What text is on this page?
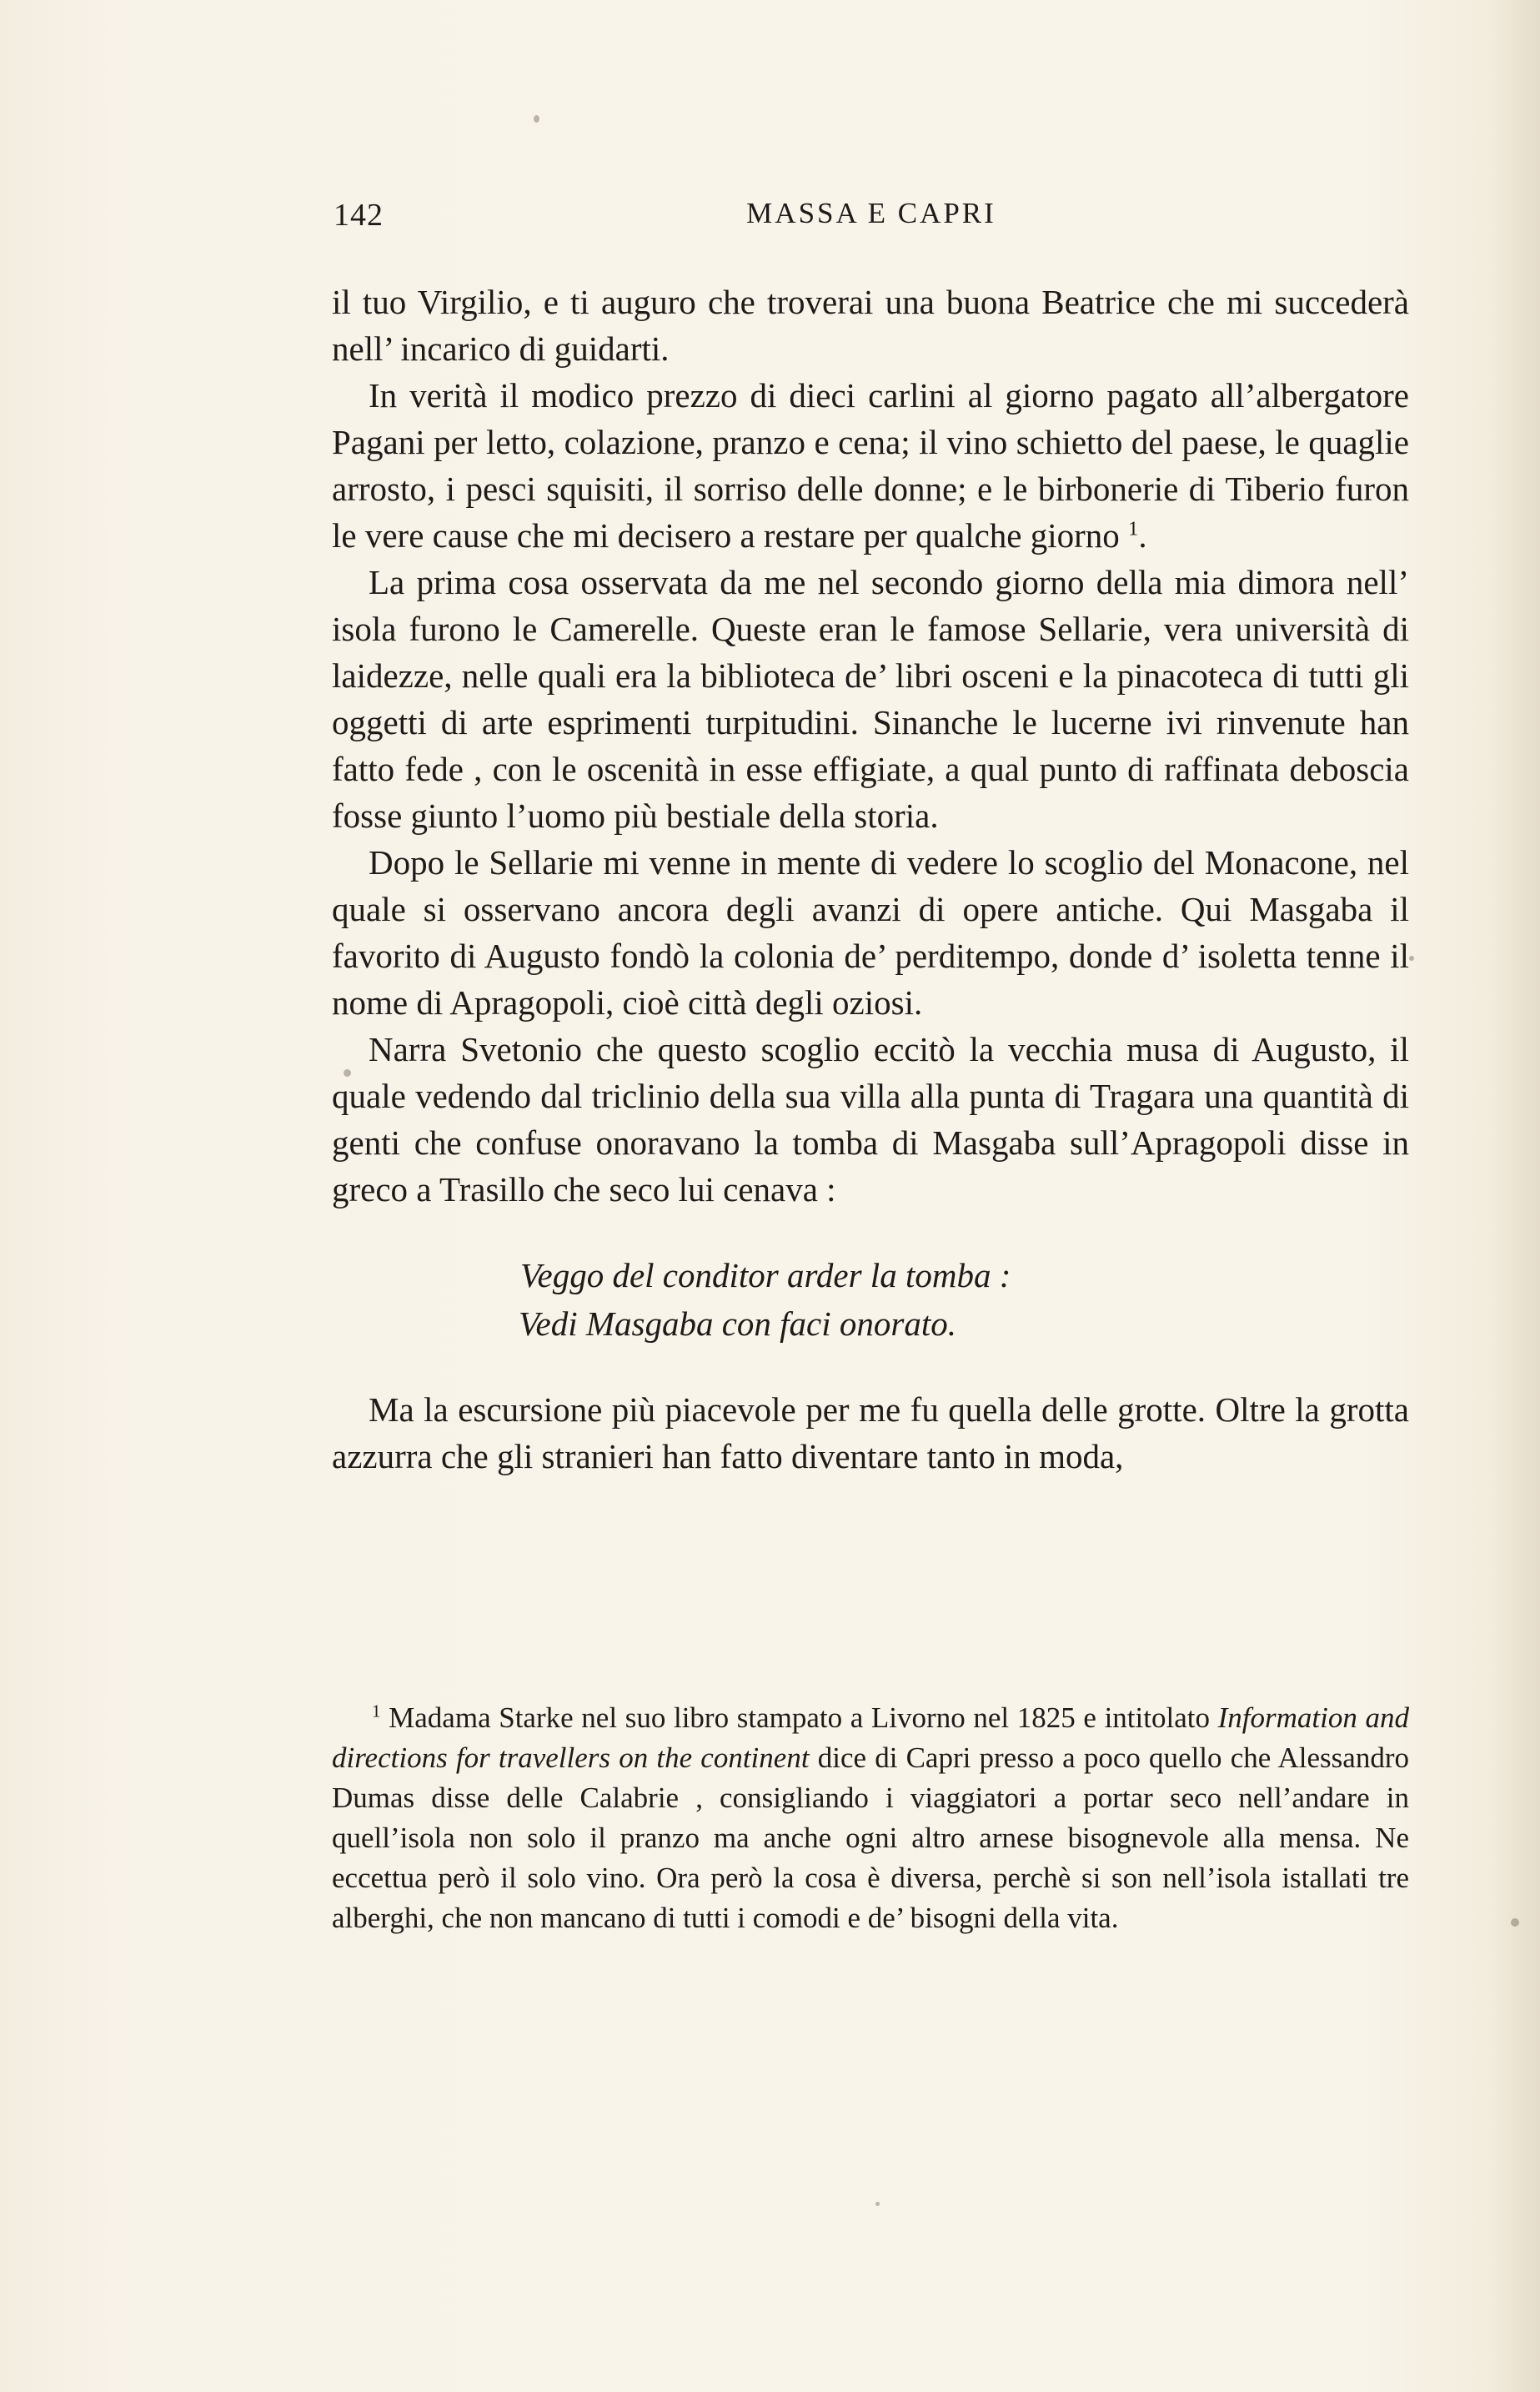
142	MASSA E CAPRI

il tuo Virgilio, e ti auguro che troverai una buona Beatrice che mi succederà nell’ incarico di guidarti.

In verità il modico prezzo di dieci carlini al giorno pagato all’albergatore Pagani per letto, colazione, pranzo e cena; il vino schietto del paese, le quaglie arrosto, i pesci squisiti, il sorriso delle donne; e le birbonerie di Tiberio furon le vere cause che mi decisero a restare per qualche giorno $^1$.

La prima cosa osservata da me nel secondo giorno della mia dimora nell’ isola furono le Camerelle. Queste eran le famose Sellarie, vera università di laidezze, nelle quali era la biblioteca de’ libri osceni e la pinacoteca di tutti gli oggetti di arte esprimenti turpitudini. Sinanche le lucerne ivi rinvenute han fatto fede , con le oscenità in esse effigiate, a qual punto di raffinata deboscia fosse giunto l’uomo più bestiale della storia.

Dopo le Sellarie mi venne in mente di vedere lo scoglio del Monacone, nel quale si osservano ancora degli avanzi di opere antiche. Qui Masgaba il favorito di Augusto fondò la colonia de’ perditempo, donde d’ isoletta tenne il nome di Apragopoli, cioè città degli oziosi.

Narra Svetonio che questo scoglio eccitò la vecchia musa di Augusto, il quale vedendo dal triclinio della sua villa alla punta di Tragara una quantità di genti che confuse onoravano la tomba di Masgaba sull’Apragopoli disse in greco a Trasillo che seco lui cenava :

Veggo del conditor arder la tomba :
Vedi Masgaba con faci onorato.

Ma la escursione più piacevole per me fu quella delle grotte. Oltre la grotta azzurra che gli stranieri han fatto diventare tanto in moda,

$^1$ Madama Starke nel suo libro stampato a Livorno nel 1825 e intitolato Information and directions for travellers on the continent dice di Capri presso a poco quello che Alessandro Dumas disse delle Calabrie , consigliando i viaggiatori a portar seco nell’andare in quell’isola non solo il pranzo ma anche ogni altro arnese bisognevole alla mensa. Ne eccettua però il solo vino. Ora però la cosa è diversa, perchè si son nell’isola istallati tre alberghi, che non mancano di tutti i comodi e de’ bisogni della vita.
